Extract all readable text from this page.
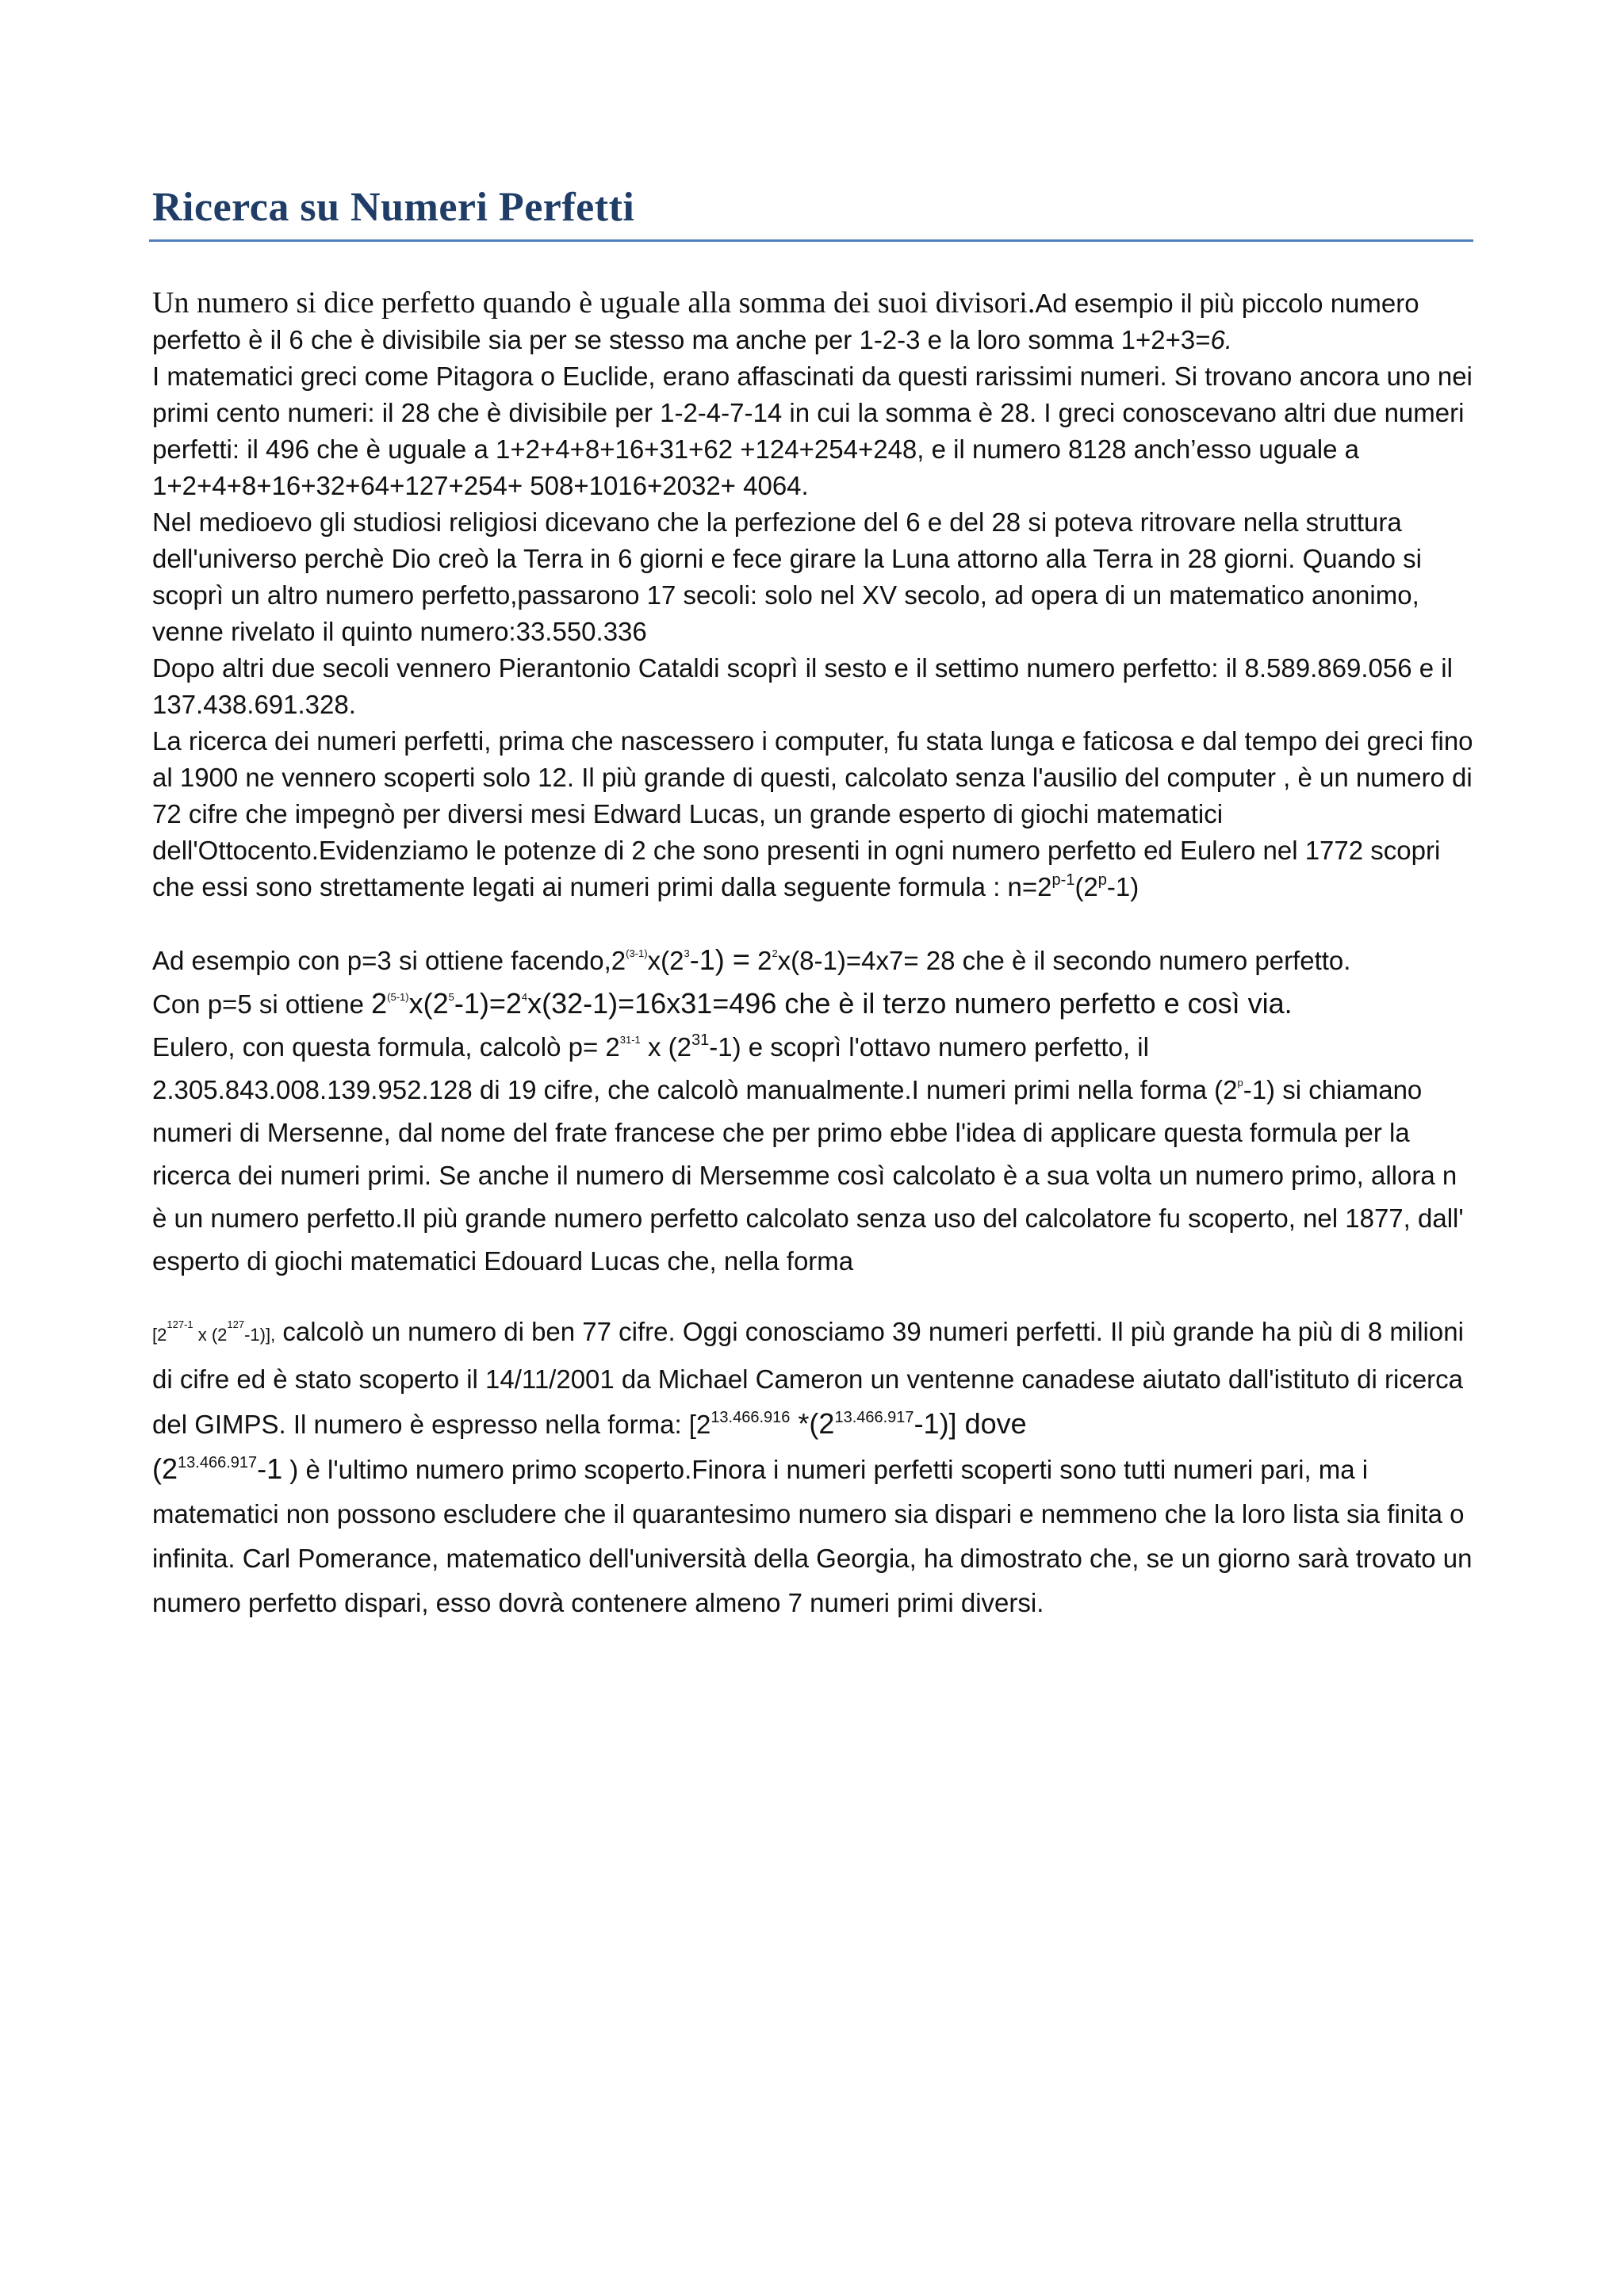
Ricerca su Numeri Perfetti

Un numero si dice perfetto quando è uguale alla somma dei suoi divisori.Ad esempio il più piccolo numero perfetto è il 6 che è divisibile sia per se stesso ma anche per 1-2-3 e la loro somma 1+2+3=6.

I matematici greci come Pitagora o Euclide, erano affascinati da questi rarissimi numeri. Si trovano ancora uno nei primi cento numeri: il 28 che è divisibile per 1-2-4-7-14 in cui la somma è 28. I greci conoscevano altri due numeri perfetti: il 496 che è uguale a 1+2+4+8+16+31+62 +124+254+248, e il numero 8128 anch’esso uguale a 1+2+4+8+16+32+64+127+254+ 508+1016+2032+ 4064.

Nel medioevo gli studiosi religiosi dicevano che la perfezione del 6 e del 28 si poteva ritrovare nella struttura dell'universo perchè Dio creò la Terra in 6 giorni e fece girare la Luna attorno alla Terra in 28 giorni. Quando si scoprì un altro numero perfetto,passarono 17 secoli: solo nel XV secolo, ad opera di un matematico anonimo, venne rivelato il quinto numero:33.550.336

Dopo altri due secoli vennero Pierantonio Cataldi scoprì il sesto e il settimo numero perfetto: il 8.589.869.056 e il 137.438.691.328.

La ricerca dei numeri perfetti, prima che nascessero i computer, fu stata lunga e faticosa e dal tempo dei greci fino al 1900 ne vennero scoperti solo 12. Il più grande di questi, calcolato senza l'ausilio del computer , è un numero di 72 cifre che impegnò per diversi mesi Edward Lucas, un grande esperto di giochi matematici dell'Ottocento.Evidenziamo le potenze di 2 che sono presenti in ogni numero perfetto ed Eulero nel 1772 scopri che essi sono strettamente legati ai numeri primi dalla seguente formula : $n=2^{p-1}(2^p-1)$

Ad esempio con p=3 si ottiene $facendo,2^{(3-1)}x(2^3-1) = 2^2x(8-1)=4x7= 28$ che è il secondo numero perfetto.

Con p=5 si ottiene $2^{(5-1)}x(2^5-1)=2^4x(32-1)=16x31=496$ che è il terzo numero perfetto e così via.

Eulero, con questa formula, calcolò $p= 2^{31-1}$ x $(2^{31}-1)$ e scoprì l'ottavo numero perfetto, il 2.305.843.008.139.952.128 di 19 cifre, che calcolò manualmente.I numeri primi nella forma (2$^p$-1) si chiamano numeri di Mersenne, dal nome del frate francese che per primo ebbe l'idea di applicare questa formula per la ricerca dei numeri primi. Se anche il numero di Mersemme così calcolato è a sua volta un numero primo, allora n è un numero perfetto.Il più grande numero perfetto calcolato senza uso del calcolatore fu scoperto, nel 1877, dall' esperto di giochi matematici Edouard Lucas che, nella forma

[2$^{127-1}$ x $(2^{127}-1)$], calcolò un numero di ben 77 cifre. Oggi conosciamo 39 numeri perfetti. Il più grande ha più di 8 milioni di cifre ed è stato scoperto il 14/11/2001 da Michael Cameron un ventenne canadese aiutato dall'istituto di ricerca del GIMPS. Il numero è espresso nella forma: [$2^{13.466.916}$ $*(2^{13.466.917}-1)$] dove
($2^{13.466.917}-1$ ) è l'ultimo numero primo scoperto.Finora i numeri perfetti scoperti sono tutti numeri pari, ma i matematici non possono escludere che il quarantesimo numero sia dispari e nemmeno che la loro lista sia finita o infinita. Carl Pomerance, matematico dell'università della Georgia, ha dimostrato che, se un giorno sarà trovato un numero perfetto dispari, esso dovrà contenere almeno 7 numeri primi diversi.
